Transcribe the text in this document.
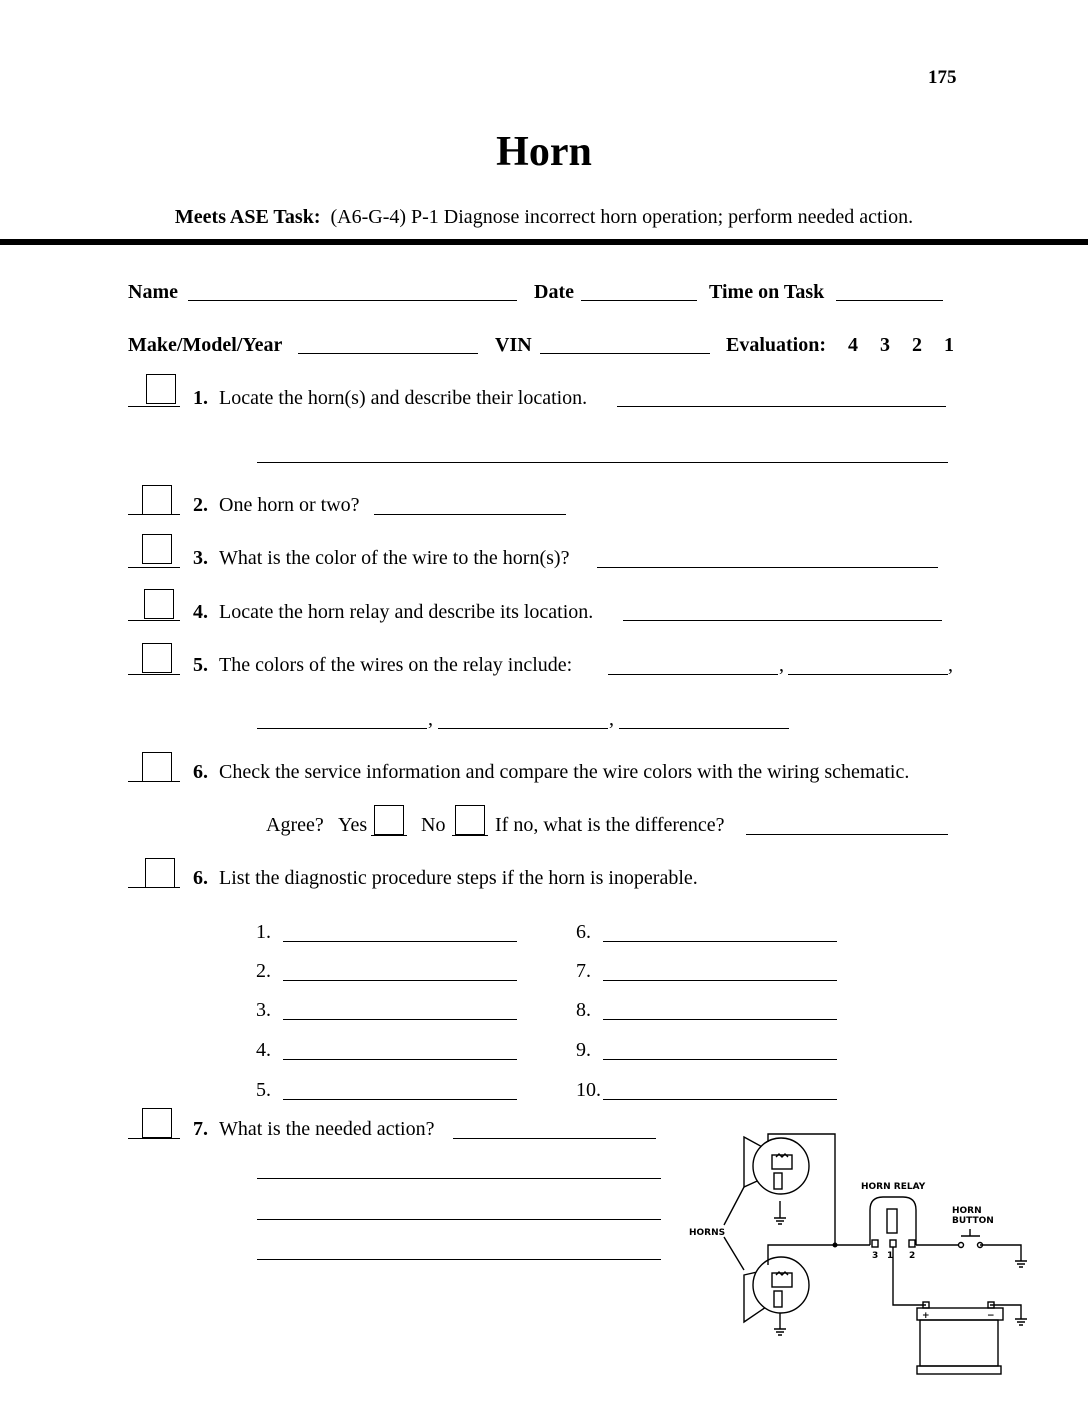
175
Horn
Meets ASE Task: (A6-G-4) P-1 Diagnose incorrect horn operation; perform needed action.
Name	Date	Time on Task
Make/Model/Year	VIN	Evaluation: 4 3 2 1
1. Locate the horn(s) and describe their location.
2. One horn or two?
3. What is the color of the wire to the horn(s)?
4. Locate the horn relay and describe its location.
5. The colors of the wires on the relay include:	,	,
,	,
6. Check the service information and compare the wire colors with the wiring schematic.
Agree? Yes	No If no, what is the difference?
6. List the diagnostic procedure steps if the horn is inoperable.
1.
2.
3.
4.
5.
6.
7.
8.
9.
10.
7. What is the needed action?
HORNS
HORN RELAY
HORN
BUTTON
3 1 2
+	−
